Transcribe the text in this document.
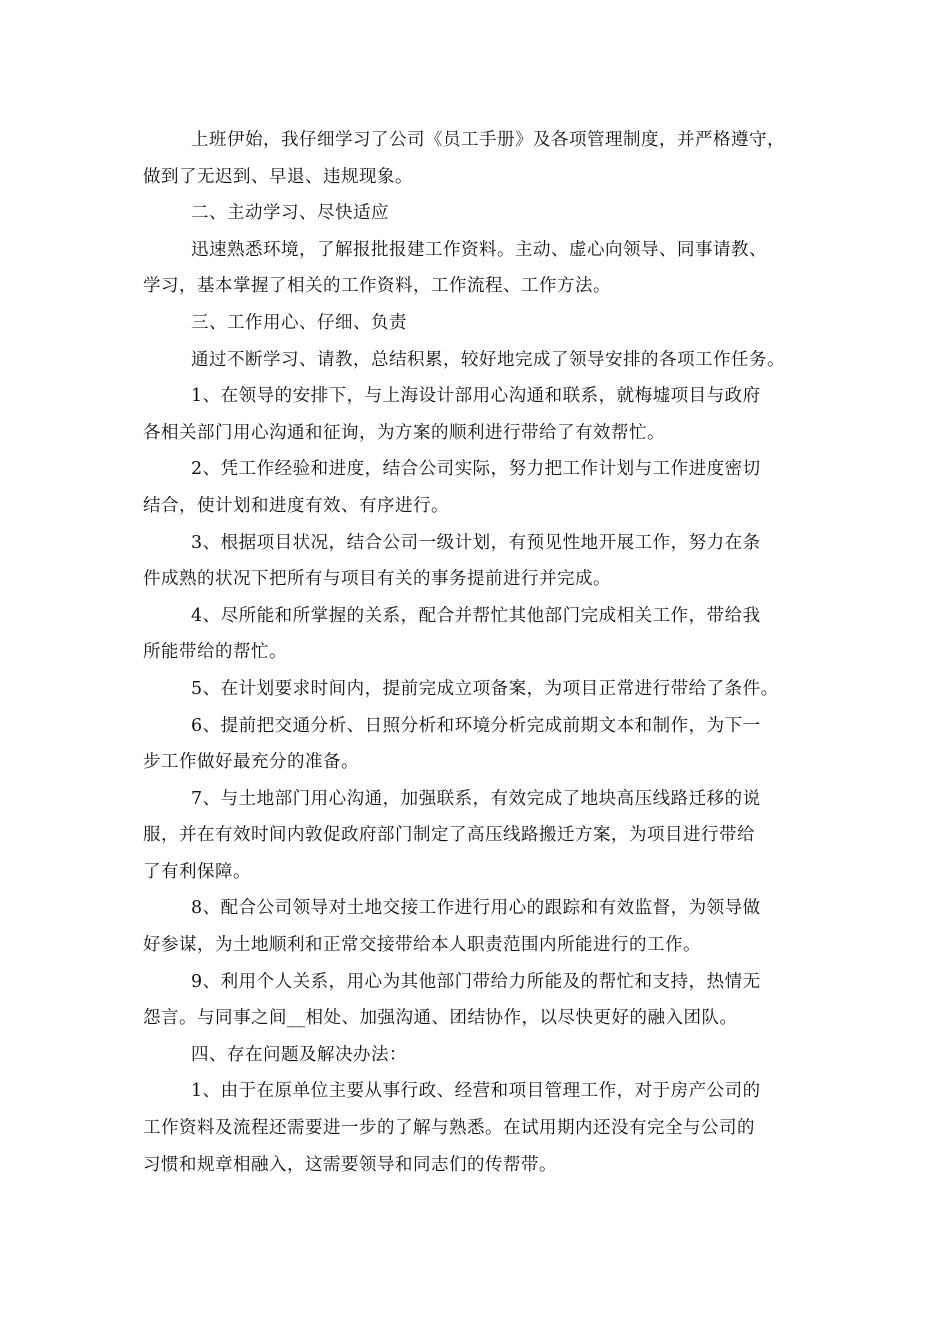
上班伊始，我仔细学习了公司《员工手册》及各项管理制度，并严格遵守，
做到了无迟到、早退、违规现象。
二、主动学习、尽快适应
迅速熟悉环境，了解报批报建工作资料。主动、虚心向领导、同事请教、
学习，基本掌握了相关的工作资料，工作流程、工作方法。
三、工作用心、仔细、负责
通过不断学习、请教，总结积累，较好地完成了领导安排的各项工作任务。
1、在领导的安排下，与上海设计部用心沟通和联系，就梅墟项目与政府
各相关部门用心沟通和征询，为方案的顺利进行带给了有效帮忙。
2、凭工作经验和进度，结合公司实际，努力把工作计划与工作进度密切
结合，使计划和进度有效、有序进行。
3、根据项目状况，结合公司一级计划，有预见性地开展工作，努力在条
件成熟的状况下把所有与项目有关的事务提前进行并完成。
4、尽所能和所掌握的关系，配合并帮忙其他部门完成相关工作，带给我
所能带给的帮忙。
5、在计划要求时间内，提前完成立项备案，为项目正常进行带给了条件。
6、提前把交通分析、日照分析和环境分析完成前期文本和制作，为下一
步工作做好最充分的准备。
7、与土地部门用心沟通，加强联系，有效完成了地块高压线路迁移的说
服，并在有效时间内敦促政府部门制定了高压线路搬迁方案，为项目进行带给
了有利保障。
8、配合公司领导对土地交接工作进行用心的跟踪和有效监督，为领导做
好参谋，为土地顺利和正常交接带给本人职责范围内所能进行的工作。
9、利用个人关系，用心为其他部门带给力所能及的帮忙和支持，热情无
怨言。与同事之间__相处、加强沟通、团结协作，以尽快更好的融入团队。
四、存在问题及解决办法：
1、由于在原单位主要从事行政、经营和项目管理工作，对于房产公司的
工作资料及流程还需要进一步的了解与熟悉。在试用期内还没有完全与公司的
习惯和规章相融入，这需要领导和同志们的传帮带。
